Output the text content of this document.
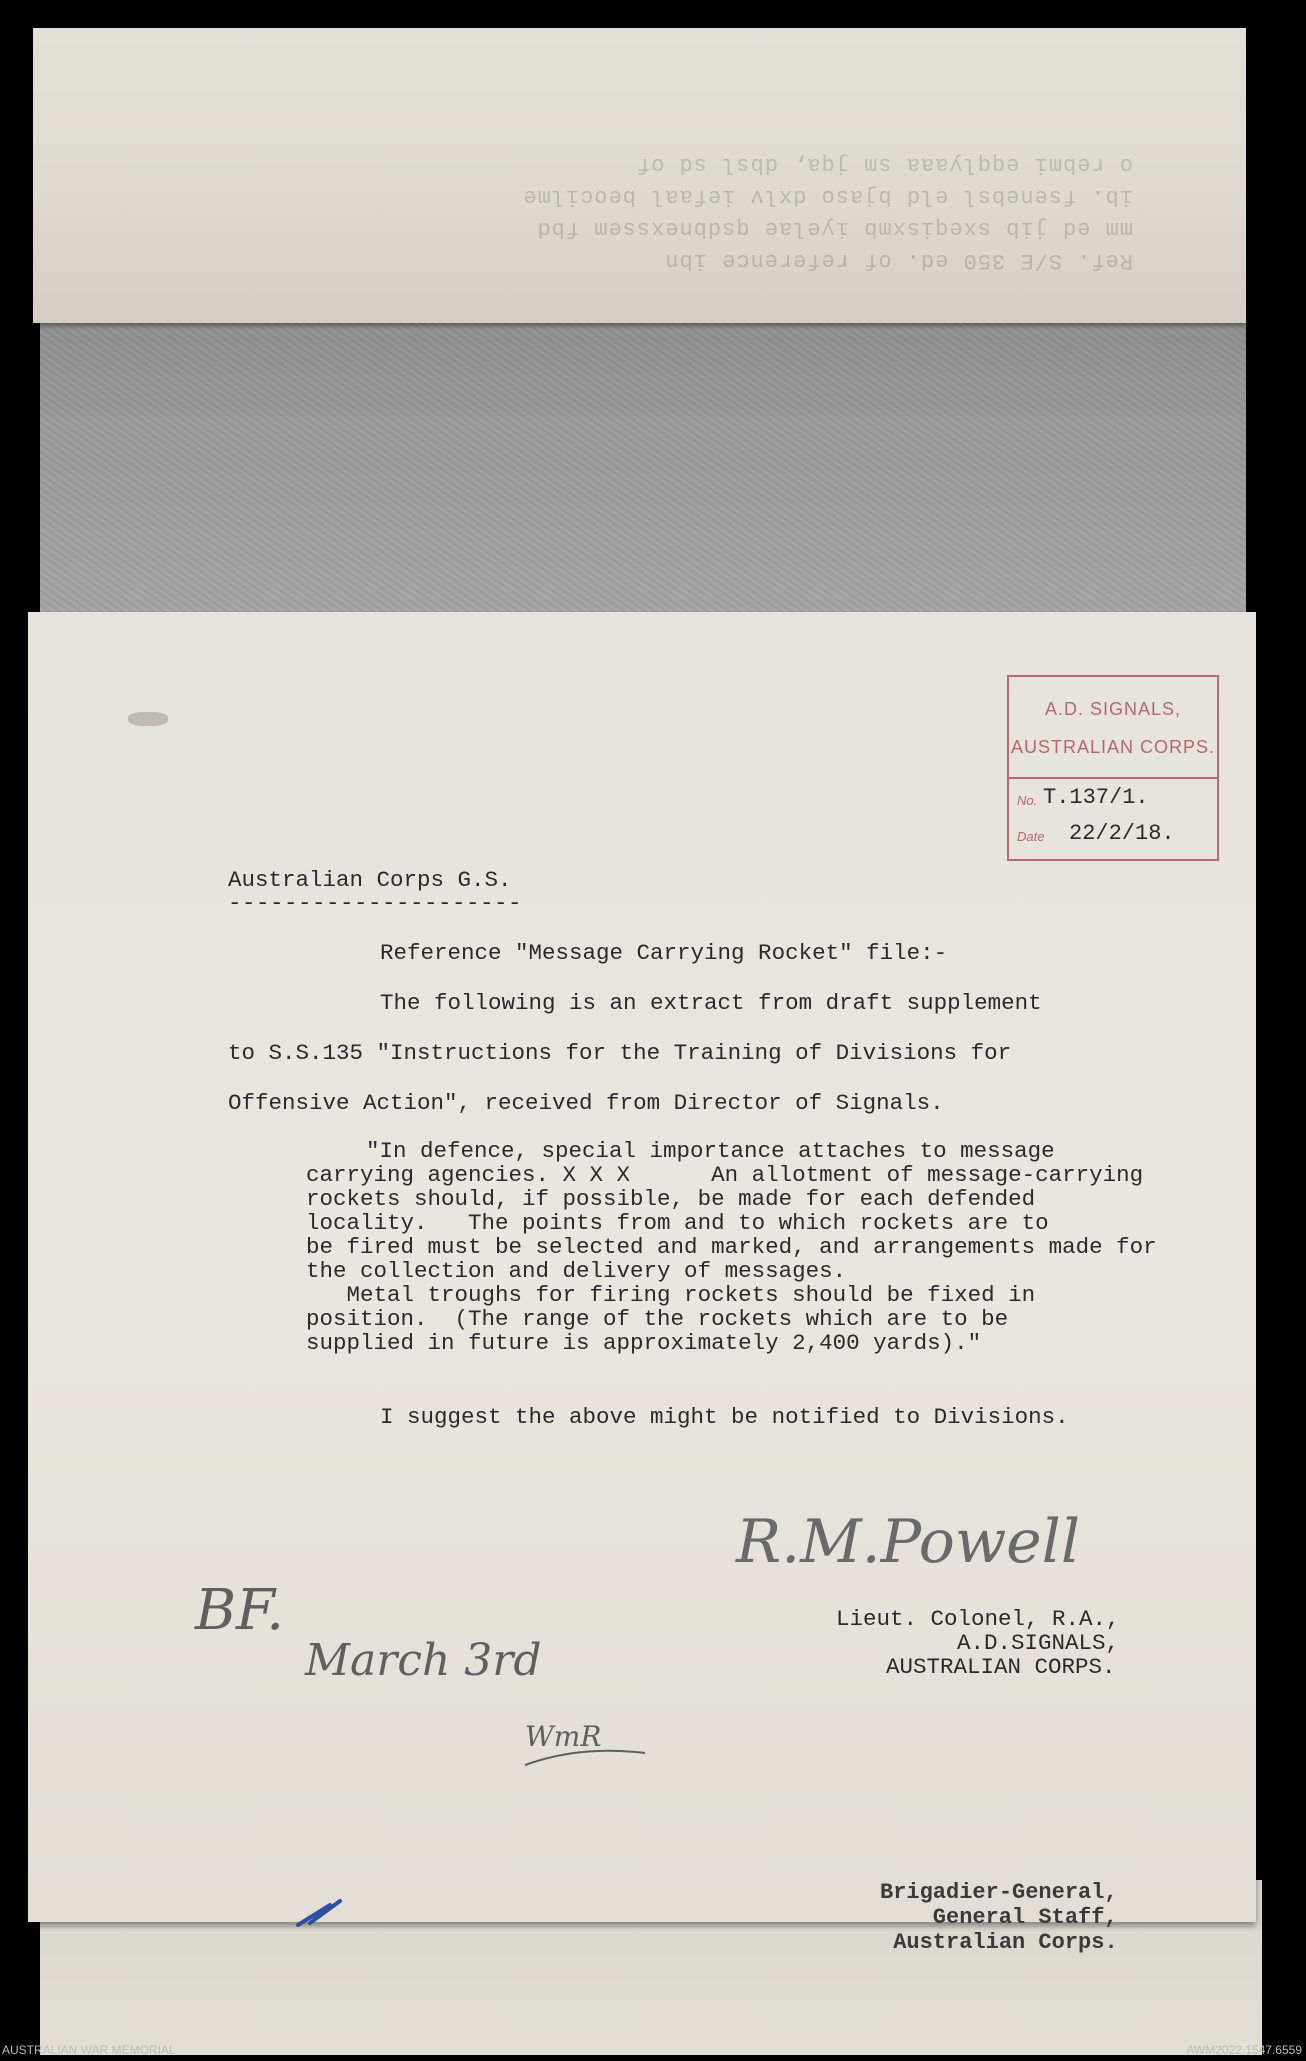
Ref. S/E 350 ed. of reference ibn
mm ed jib sxeqisxmb iyelae qsdbnexssem fbd
ib. fsenebsl eld bjaso dxlv iefaal beocilme
o rebmi eqqlyaaa sm jqa, dbsl sd of
Brigadier-General,
General Staff,
Australian Corps.
Australian Corps G.S.
---------------------
Reference "Message Carrying Rocket" file:-
The following is an extract from draft supplement
to S.S.135 "Instructions for the Training of Divisions for
Offensive Action", received from Director of Signals.
"In defence, special importance attaches to message
carrying agencies. X X X      An allotment of message-carrying
rockets should, if possible, be made for each defended
locality.   The points from and to which rockets are to
be fired must be selected and marked, and arrangements made for
the collection and delivery of messages.
Metal troughs for firing rockets should be fixed in
position.  (The range of the rockets which are to be
supplied in future is approximately 2,400 yards)."
I suggest the above might be notified to Divisions.
R.M.Powell
Lieut. Colonel, R.A.,
A.D.SIGNALS,
AUSTRALIAN CORPS.
A.D. SIGNALS,
AUSTRALIAN CORPS.
No. T.137/1.
Date 22/2/18.
BF.
March 3rd
WmR
AUSTRALIAN WAR MEMORIAL	AWM2022.1547.6559
